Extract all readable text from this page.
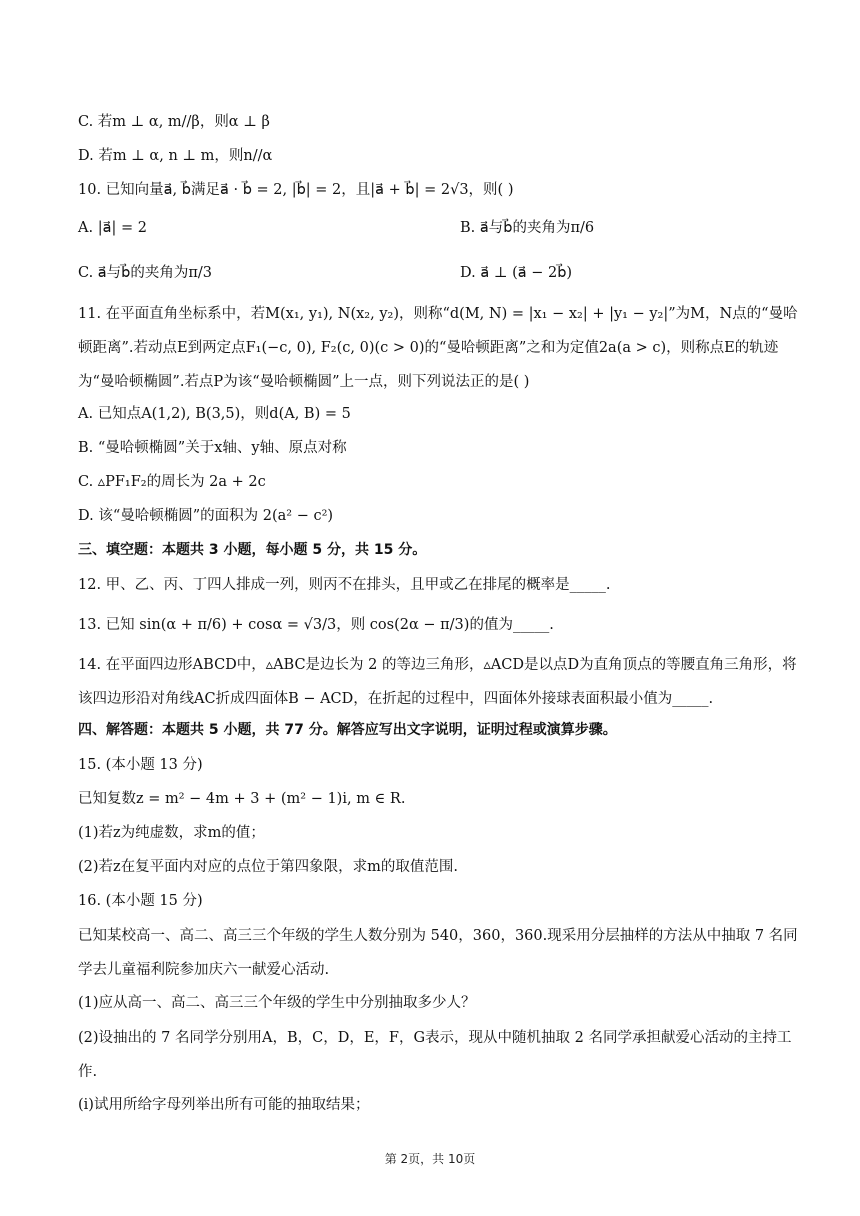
C. 若m ⊥ α, m//β，则α ⊥ β
D. 若m ⊥ α, n ⊥ m，则n//α
10. 已知向量a⃗, b⃗满足a⃗ · b⃗ = 2, |b⃗| = 2，且|a⃗ + b⃗| = 2√3，则( )
A. |a⃗| = 2	B. a⃗与b⃗的夹角为π/6
C. a⃗与b⃗的夹角为π/3	D. a⃗ ⊥ (a⃗ − 2b⃗)
11. 在平面直角坐标系中，若M(x₁, y₁), N(x₂, y₂)，则称“d(M, N) = |x₁ − x₂| + |y₁ − y₂|”为M，N点的“曼哈顿距离”.若动点E到两定点F₁(−c, 0), F₂(c, 0)(c > 0)的“曼哈顿距离”之和为定值2a(a > c)，则称点E的轨迹为“曼哈顿椭圆”.若点P为该“曼哈顿椭圆”上一点，则下列说法正的是( )
A. 已知点A(1,2), B(3,5)，则d(A, B) = 5
B. “曼哈顿椭圆”关于x轴、y轴、原点对称
C. ▵PF₁F₂的周长为 2a + 2c
D. 该“曼哈顿椭圆”的面积为 2(a² − c²)
三、填空题：本题共 3 小题，每小题 5 分，共 15 分。
12. 甲、乙、丙、丁四人排成一列，则丙不在排头，且甲或乙在排尾的概率是_____.
13. 已知 sin(α + π/6) + cosα = √3/3，则 cos(2α − π/3)的值为_____.
14. 在平面四边形ABCD中，▵ABC是边长为 2 的等边三角形，▵ACD是以点D为直角顶点的等腰直角三角形，将该四边形沿对角线AC折成四面体B − ACD，在折起的过程中，四面体外接球表面积最小值为_____.
四、解答题：本题共 5 小题，共 77 分。解答应写出文字说明，证明过程或演算步骤。
15. (本小题 13 分)
已知复数z = m² − 4m + 3 + (m² − 1)i, m ∈ R.
(1)若z为纯虚数，求m的值；
(2)若z在复平面内对应的点位于第四象限，求m的取值范围.
16. (本小题 15 分)
已知某校高一、高二、高三三个年级的学生人数分别为 540，360，360.现采用分层抽样的方法从中抽取 7 名同学去儿童福利院参加庆六一献爱心活动.
(1)应从高一、高二、高三三个年级的学生中分别抽取多少人？
(2)设抽出的 7 名同学分别用A，B，C，D，E，F，G表示，现从中随机抽取 2 名同学承担献爱心活动的主持工作.
(i)试用所给字母列举出所有可能的抽取结果；
第 2页，共 10页
